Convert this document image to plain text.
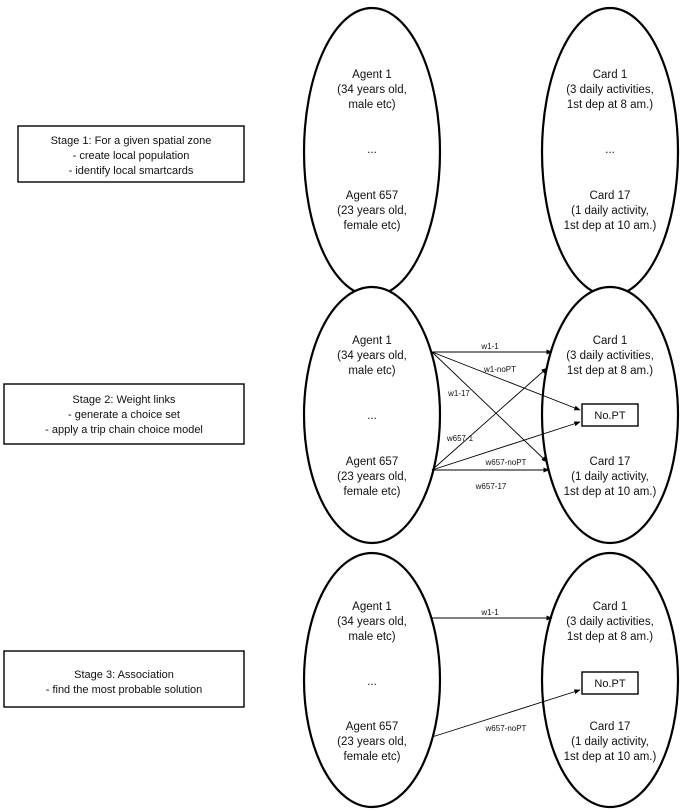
Stage 1: For a given spatial zone
- create local population
- identify local smartcards
Agent 1
(34 years old,
male etc)
...
Agent 657
(23 years old,
female etc)
Card 1
(3 daily activities,
1st dep at 8 am.)
...
Card 17
(1 daily activity,
1st dep at 10 am.)
Stage 2: Weight links
- generate a choice set
- apply a trip chain choice model
Agent 1
(34 years old,
male etc)
...
Agent 657
(23 years old,
female etc)
Card 1
(3 daily activities,
1st dep at 8 am.)
No.PT
Card 17
(1 daily activity,
1st dep at 10 am.)
w1-1
w1-noPT
w1-17
w657-1
w657-noPT
w657-17
Stage 3: Association
- find the most probable solution
Agent 1
(34 years old,
male etc)
...
Agent 657
(23 years old,
female etc)
Card 1
(3 daily activities,
1st dep at 8 am.)
No.PT
Card 17
(1 daily activity,
1st dep at 10 am.)
w1-1
w657-noPT
